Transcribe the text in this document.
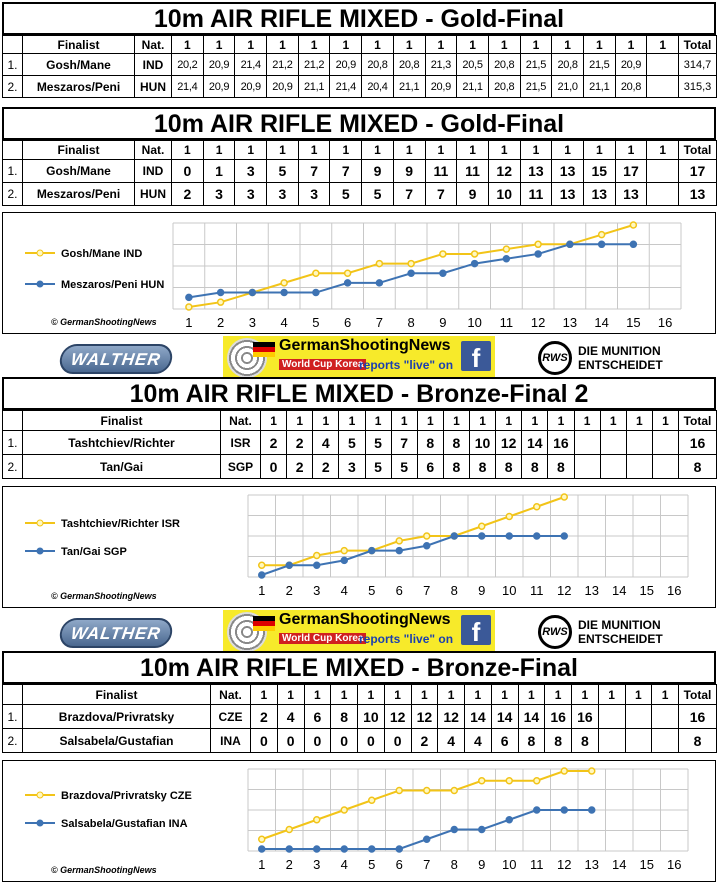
10m AIR RIFLE MIXED - Gold-Final
	Finalist	Nat.	1	1	1	1	1	1	1	1	1	1	1	1	1	1	1	1	Total
1.	Gosh/Mane	IND	20,2	20,9	21,4	21,2	21,2	20,9	20,8	20,8	21,3	20,5	20,8	21,5	20,8	21,5	20,9		314,7
2.	Meszaros/Peni	HUN	21,4	20,9	20,9	20,9	21,1	21,4	20,4	21,1	20,9	21,1	20,8	21,5	21,0	21,1	20,8		315,3
10m AIR RIFLE MIXED - Gold-Final
	Finalist	Nat.	1	1	1	1	1	1	1	1	1	1	1	1	1	1	1	1	Total
1.	Gosh/Mane	IND	0	1	3	5	7	7	9	9	11	11	12	13	13	15	17		17
2.	Meszaros/Peni	HUN	2	3	3	3	3	5	5	7	7	9	10	11	13	13	13		13
1 2 3 4 5 6 7 8 9 10 11 12 13 14 15 16
Gosh/Mane IND
Meszaros/Peni HUN
© GermanShootingNews
WALTHER
GermanShootingNews
World Cup Korea
reports "live" on f	RWS DIE MUNITION
ENTSCHEIDET
10m AIR RIFLE MIXED - Bronze-Final 2
	Finalist	Nat.	1	1	1	1	1	1	1	1	1	1	1	1	1	1	1	1	Total
1.	Tashtchiev/Richter	ISR	2	2	4	5	5	7	8	8	10	12	14	16					16
2.	Tan/Gai	SGP	0	2	2	3	5	5	6	8	8	8	8	8					8
1 2 3 4 5 6 7 8 9 10 11 12 13 14 15 16
Tashtchiev/Richter ISR
Tan/Gai SGP
© GermanShootingNews
WALTHER
GermanShootingNews
World Cup Korea
reports "live" on f	RWS DIE MUNITION
ENTSCHEIDET
10m AIR RIFLE MIXED - Bronze-Final
	Finalist	Nat.	1	1	1	1	1	1	1	1	1	1	1	1	1	1	1	1	Total
1.	Brazdova/Privratsky	CZE	2	4	6	8	10	12	12	12	14	14	14	16	16				16
2.	Salsabela/Gustafian	INA	0	0	0	0	0	0	2	4	4	6	8	8	8				8
1 2 3 4 5 6 7 8 9 10 11 12 13 14 15 16
Brazdova/Privratsky CZE
Salsabela/Gustafian INA
© GermanShootingNews
